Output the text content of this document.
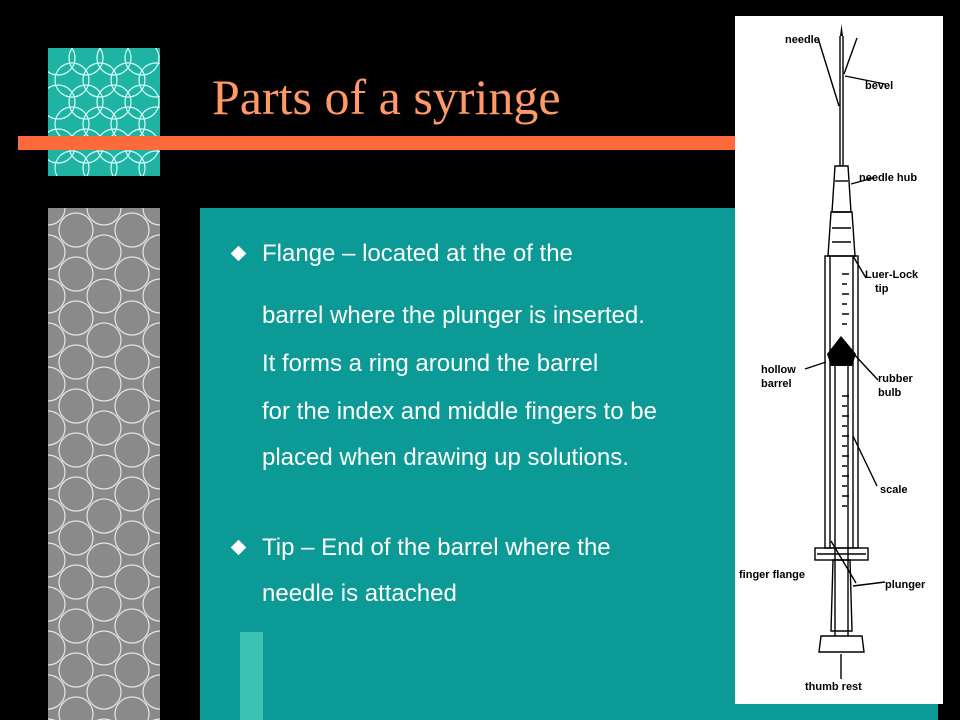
Parts of a syringe
Flange – located at the of the
barrel where the plunger is inserted.
It forms a ring around the barrel
for the index and middle fingers to be
placed when drawing up solutions.
Tip – End of the barrel where the
needle is attached
needle
bevel
needle hub
Luer-Lock
tip
hollow
barrel	rubber
bulb
scale
finger flange
plunger
thumb rest
